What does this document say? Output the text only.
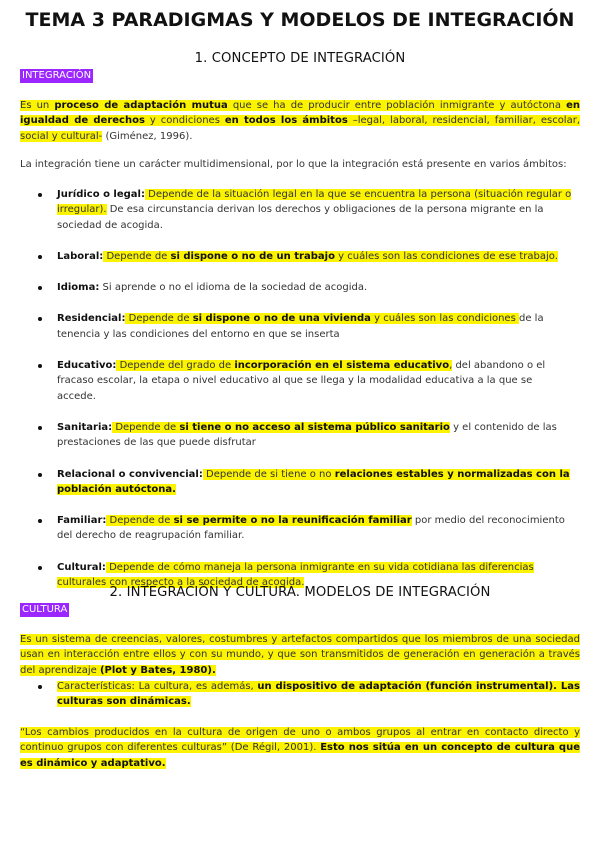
TEMA 3 PARADIGMAS Y MODELOS DE INTEGRACIÓN
1. CONCEPTO DE INTEGRACIÓN
INTEGRACIÓN

Es un proceso de adaptación mutua que se ha de producir entre población inmigrante y autóctona en igualdad de derechos y condiciones en todos los ámbitos –legal, laboral, residencial, familiar, escolar, social y cultural- (Giménez, 1996).

La integración tiene un carácter multidimensional, por lo que la integración está presente en varios ámbitos:

Jurídico o legal: Depende de la situación legal en la que se encuentra la persona (situación regular o irregular). De esa circunstancia derivan los derechos y obligaciones de la persona migrante en la sociedad de acogida.
Laboral: Depende de si dispone o no de un trabajo y cuáles son las condiciones de ese trabajo.
Idioma: Si aprende o no el idioma de la sociedad de acogida.
Residencial: Depende de si dispone o no de una vivienda y cuáles son las condiciones de la tenencia y las condiciones del entorno en que se inserta
Educativo: Depende del grado de incorporación en el sistema educativo, del abandono o el fracaso escolar, la etapa o nivel educativo al que se llega y la modalidad educativa a la que se accede.
Sanitaria: Depende de si tiene o no acceso al sistema público sanitario y el contenido de las prestaciones de las que puede disfrutar
Relacional o convivencial: Depende de si tiene o no relaciones estables y normalizadas con la población autóctona.
Familiar: Depende de si se permite o no la reunificación familiar por medio del reconocimiento del derecho de reagrupación familiar.
Cultural: Depende de cómo maneja la persona inmigrante en su vida cotidiana las diferencias culturales con respecto a la sociedad de acogida.
2. INTEGRACIÓN Y CULTURA. MODELOS DE INTEGRACIÓN
CULTURA

Es un sistema de creencias, valores, costumbres y artefactos compartidos que los miembros de una sociedad usan en interacción entre ellos y con su mundo, y que son transmitidos de generación en generación a través del aprendizaje (Plot y Bates, 1980).

Características: La cultura, es además, un dispositivo de adaptación (función instrumental). Las culturas son dinámicas.

“Los cambios producidos en la cultura de origen de uno o ambos grupos al entrar en contacto directo y continuo grupos con diferentes culturas” (De Régil, 2001). Esto nos sitúa en un concepto de cultura que es dinámico y adaptativo.
